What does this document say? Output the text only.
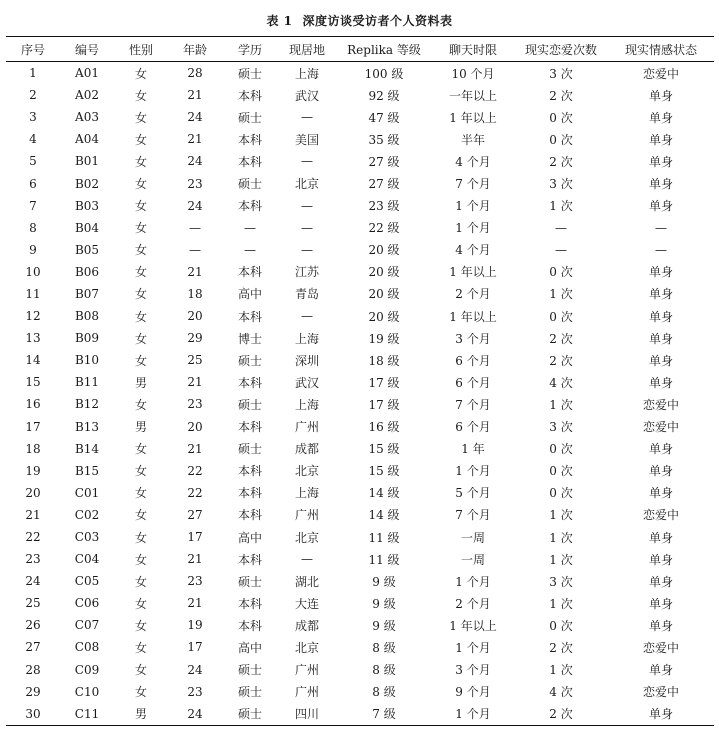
表 1 深度访谈受访者个人资料表
序号	编号	性别	年龄	学历	现居地	Replika 等级	聊天时限	现实恋爱次数	现实情感状态
1	A01	女	28	硕士	上海	100 级	10 个月	3 次	恋爱中
2	A02	女	21	本科	武汉	92 级	一年以上	2 次	单身
3	A03	女	24	硕士	—	47 级	1 年以上	0 次	单身
4	A04	女	21	本科	美国	35 级	半年	0 次	单身
5	B01	女	24	本科	—	27 级	4 个月	2 次	单身
6	B02	女	23	硕士	北京	27 级	7 个月	3 次	单身
7	B03	女	24	本科	—	23 级	1 个月	1 次	单身
8	B04	女	—	—	—	22 级	1 个月	—	—
9	B05	女	—	—	—	20 级	4 个月	—	—
10	B06	女	21	本科	江苏	20 级	1 年以上	0 次	单身
11	B07	女	18	高中	青岛	20 级	2 个月	1 次	单身
12	B08	女	20	本科	—	20 级	1 年以上	0 次	单身
13	B09	女	29	博士	上海	19 级	3 个月	2 次	单身
14	B10	女	25	硕士	深圳	18 级	6 个月	2 次	单身
15	B11	男	21	本科	武汉	17 级	6 个月	4 次	单身
16	B12	女	23	硕士	上海	17 级	7 个月	1 次	恋爱中
17	B13	男	20	本科	广州	16 级	6 个月	3 次	恋爱中
18	B14	女	21	硕士	成都	15 级	1 年	0 次	单身
19	B15	女	22	本科	北京	15 级	1 个月	0 次	单身
20	C01	女	22	本科	上海	14 级	5 个月	0 次	单身
21	C02	女	27	本科	广州	14 级	7 个月	1 次	恋爱中
22	C03	女	17	高中	北京	11 级	一周	1 次	单身
23	C04	女	21	本科	—	11 级	一周	1 次	单身
24	C05	女	23	硕士	湖北	9 级	1 个月	3 次	单身
25	C06	女	21	本科	大连	9 级	2 个月	1 次	单身
26	C07	女	19	本科	成都	9 级	1 年以上	0 次	单身
27	C08	女	17	高中	北京	8 级	1 个月	2 次	恋爱中
28	C09	女	24	硕士	广州	8 级	3 个月	1 次	单身
29	C10	女	23	硕士	广州	8 级	9 个月	4 次	恋爱中
30	C11	男	24	硕士	四川	7 级	1 个月	2 次	单身
